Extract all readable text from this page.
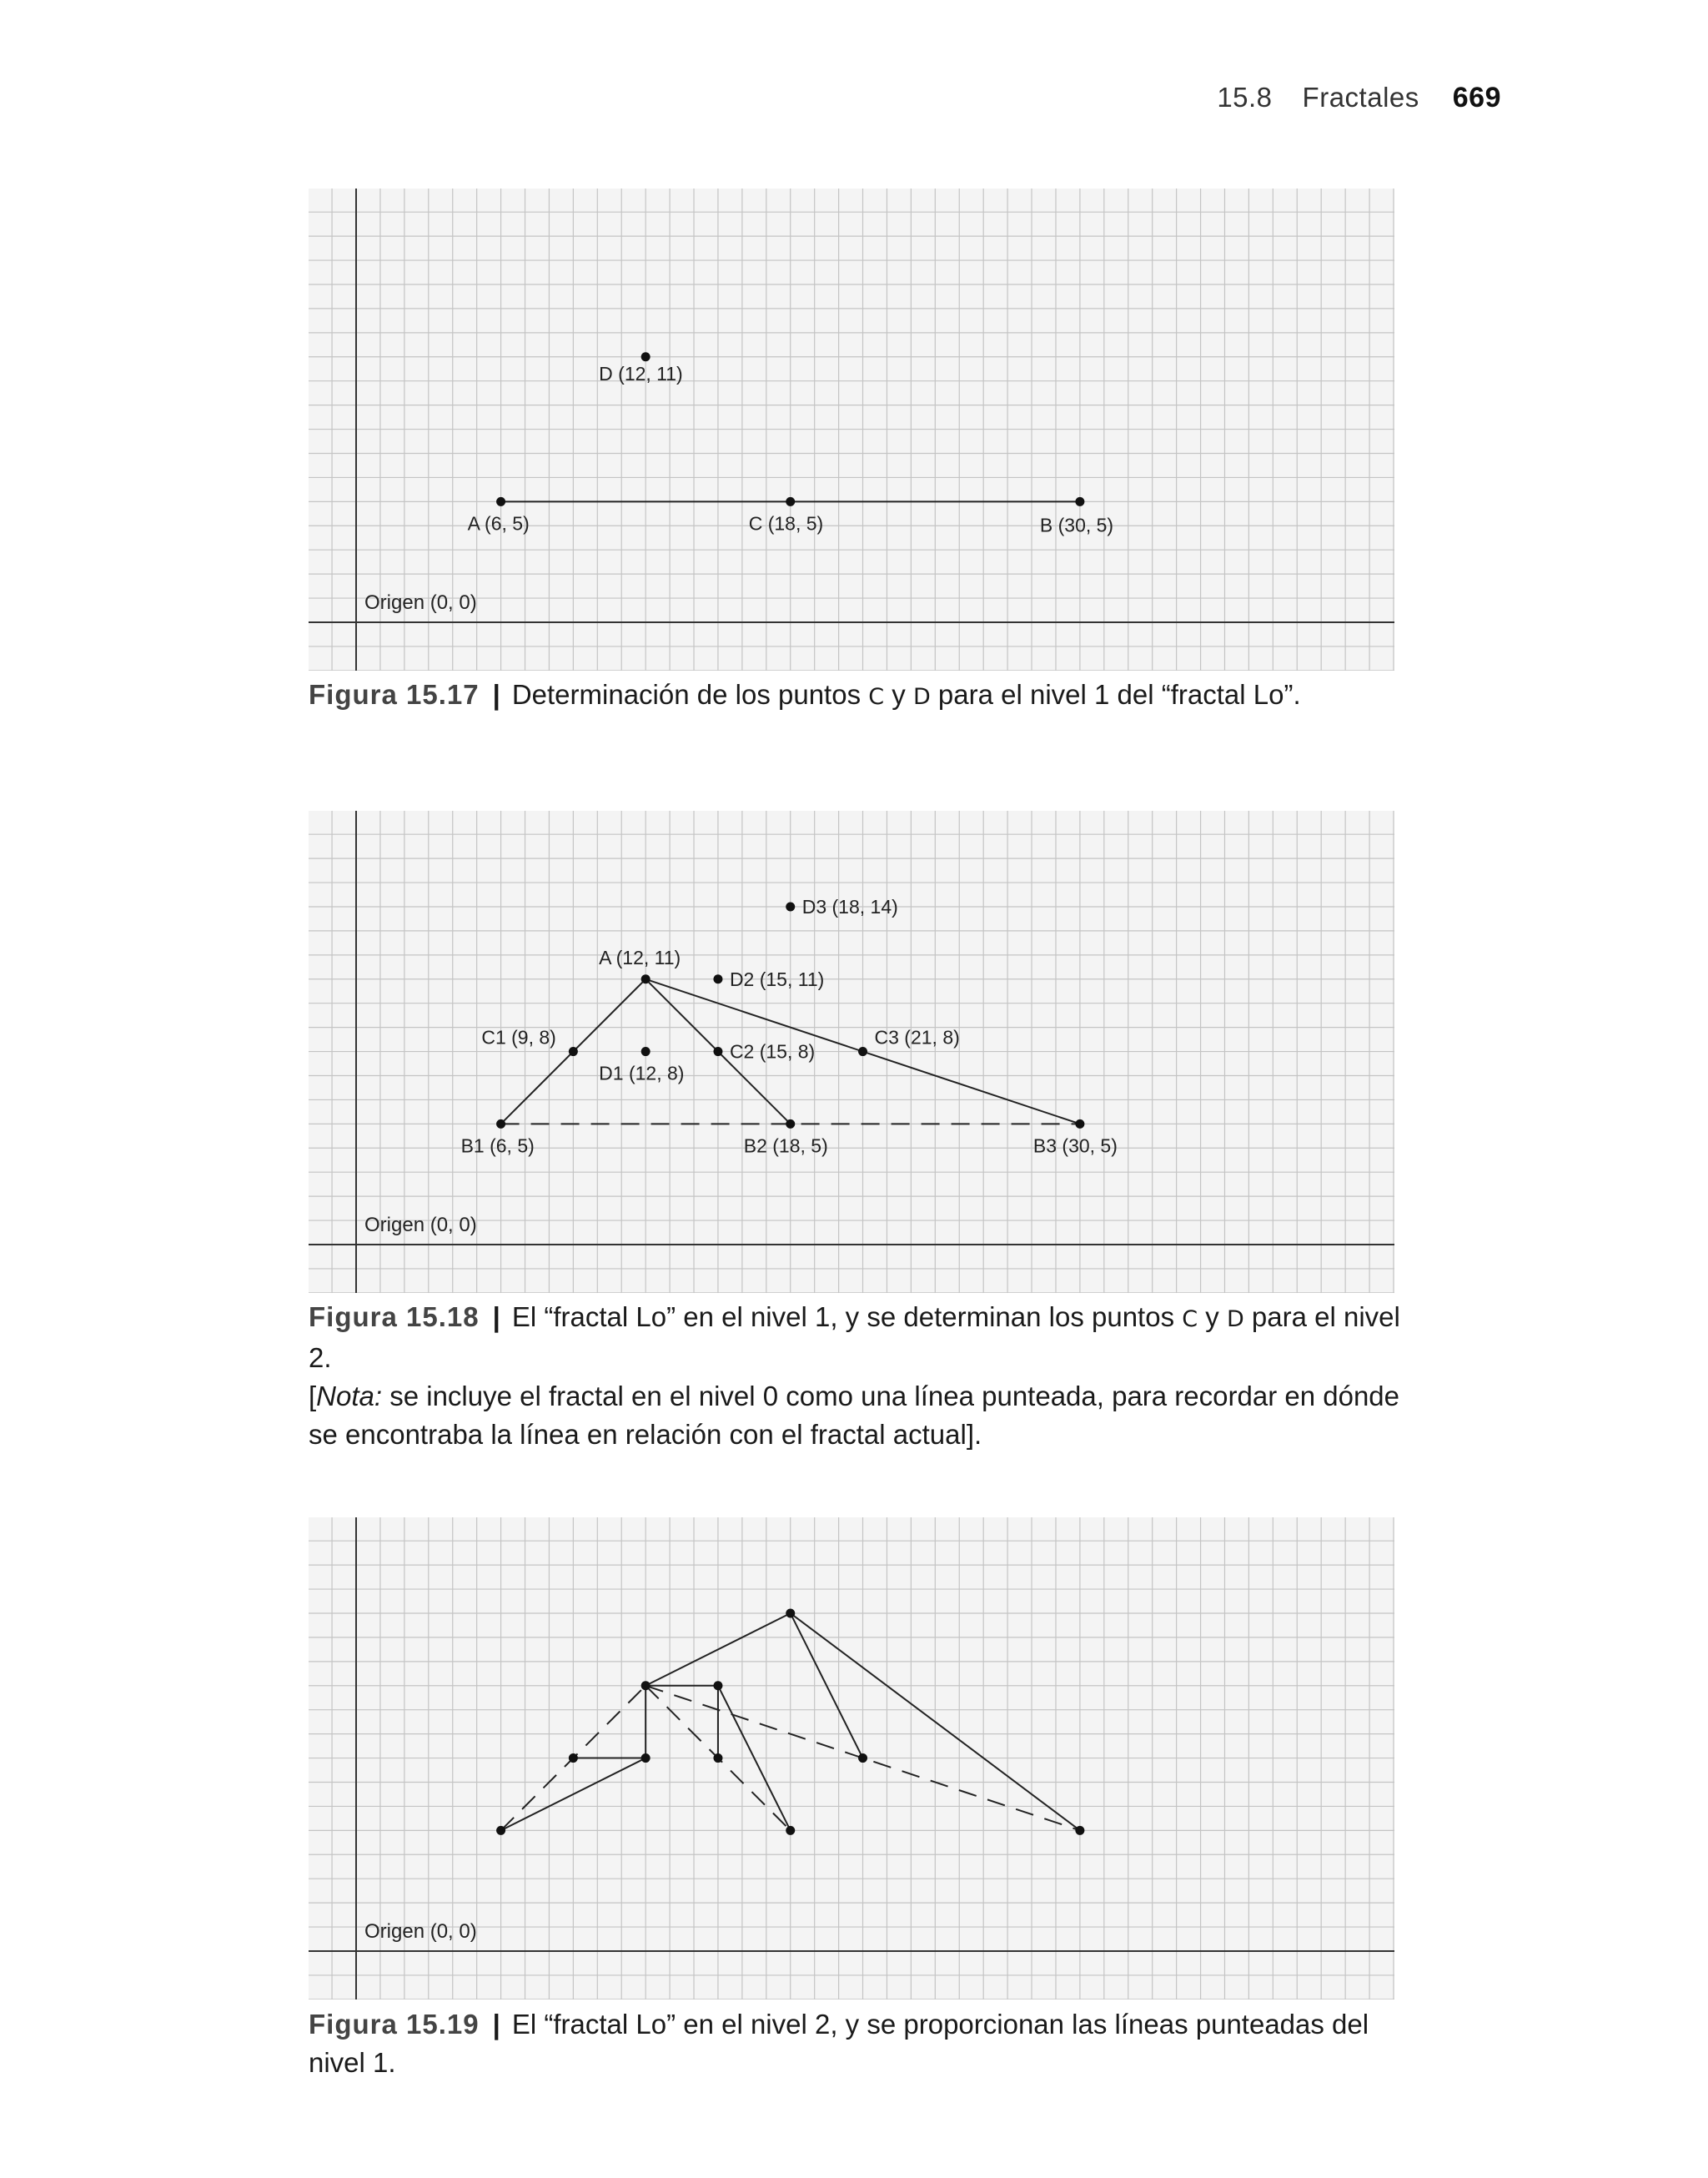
15.8 Fractales 669
Origen (0, 0)
D (12, 11)
A (6, 5)	C (18, 5)	B (30, 5)
Figura 15.17 | Determinación de los puntos C y D para el nivel 1 del “fractal Lo”.
Origen (0, 0)
D3 (18, 14)
A (12, 11)
D2 (15, 11)
C1 (9, 8)
C2 (15, 8)
C3 (21, 8)
D1 (12, 8)
B1 (6, 5)	B2 (18, 5)	B3 (30, 5)
Figura 15.18 | El “fractal Lo” en el nivel 1, y se determinan los puntos C y D para el nivel 2.
[Nota: se incluye el fractal en el nivel 0 como una línea punteada, para recordar en dónde se encontraba la línea en relación con el fractal actual].
Origen (0, 0)
Figura 15.19 | El “fractal Lo” en el nivel 2, y se proporcionan las líneas punteadas del nivel 1.
